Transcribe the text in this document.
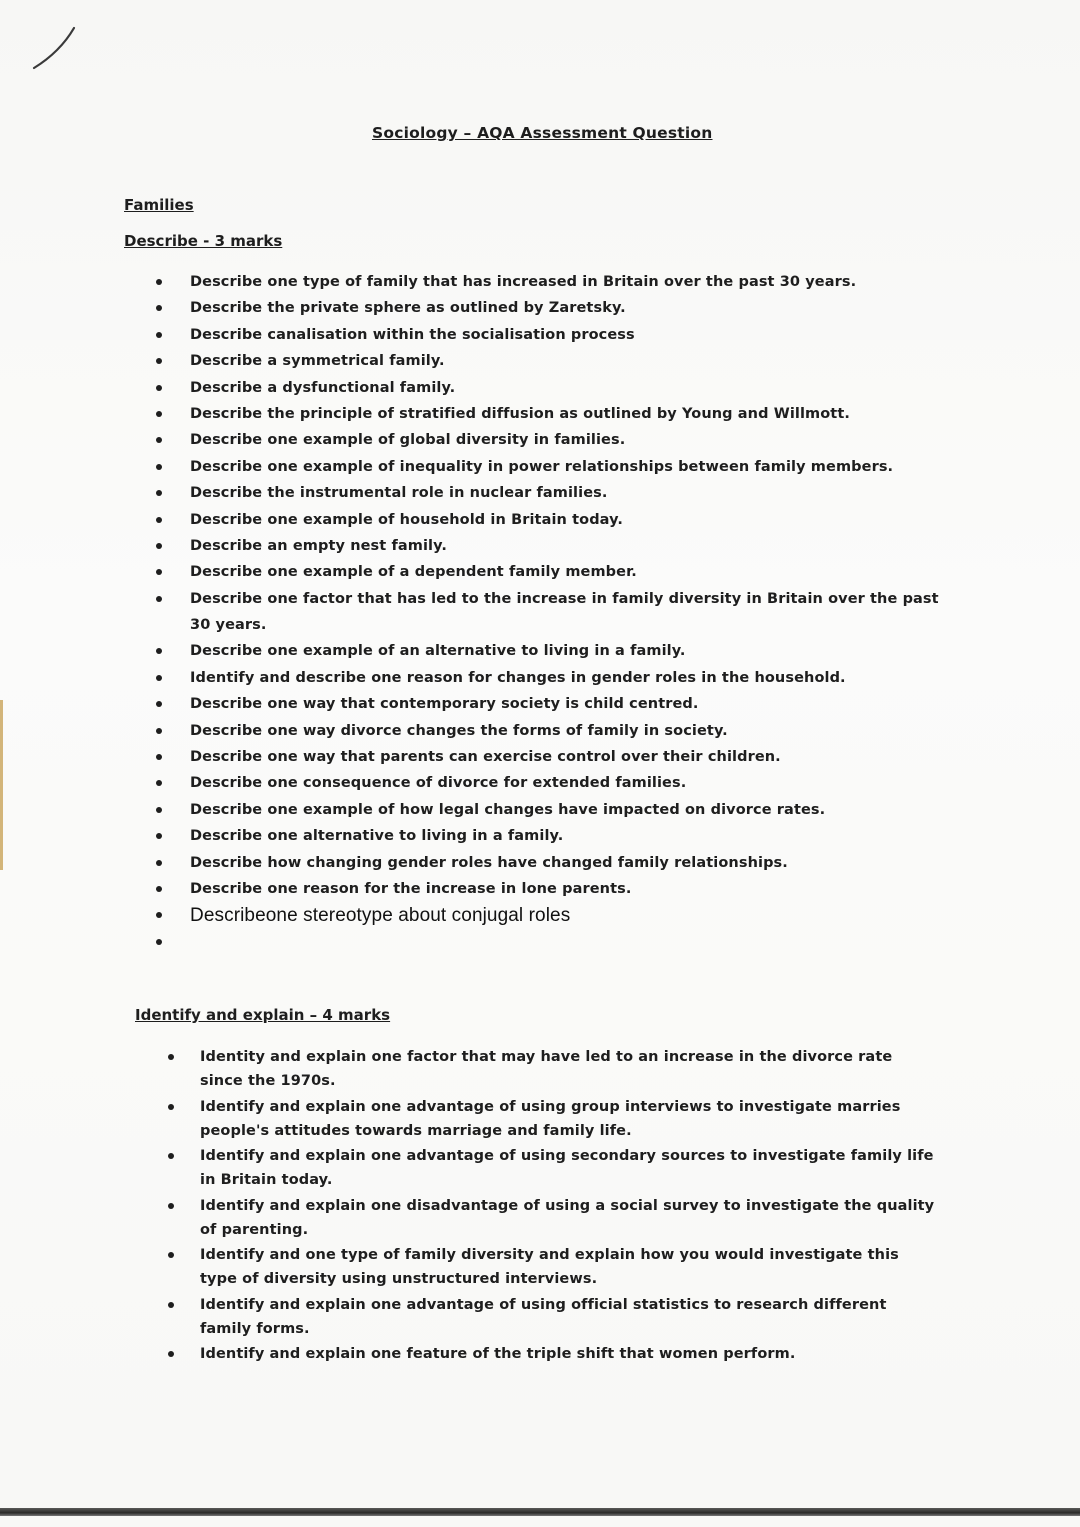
Sociology – AQA Assessment Question
Families
Describe - 3 marks
Describe one type of family that has increased in Britain over the past 30 years.
Describe the private sphere as outlined by Zaretsky.
Describe canalisation within the socialisation process
Describe a symmetrical family.
Describe a dysfunctional family.
Describe the principle of stratified diffusion as outlined by Young and Willmott.
Describe one example of global diversity in families.
Describe one example of inequality in power relationships between family members.
Describe the instrumental role in nuclear families.
Describe one example of household in Britain today.
Describe an empty nest family.
Describe one example of a dependent family member.
Describe one factor that has led to the increase in family diversity in Britain over the past 30 years.
Describe one example of an alternative to living in a family.
Identify and describe one reason for changes in gender roles in the household.
Describe one way that contemporary society is child centred.
Describe one way divorce changes the forms of family in society.
Describe one way that parents can exercise control over their children.
Describe one consequence of divorce for extended families.
Describe one example of how legal changes have impacted on divorce rates.
Describe one alternative to living in a family.
Describe how changing gender roles have changed family relationships.
Describe one reason for the increase in lone parents.
Describeone stereotype about conjugal roles
Identify and explain – 4 marks
Identity and explain one factor that may have led to an increase in the divorce rate since the 1970s.
Identify and explain one advantage of using group interviews to investigate marries people's attitudes towards marriage and family life.
Identify and explain one advantage of using secondary sources to investigate family life in Britain today.
Identify and explain one disadvantage of using a social survey to investigate the quality of parenting.
Identify and one type of family diversity and explain how you would investigate this type of diversity using unstructured interviews.
Identify and explain one advantage of using official statistics to research different family forms.
Identify and explain one feature of the triple shift that women perform.
